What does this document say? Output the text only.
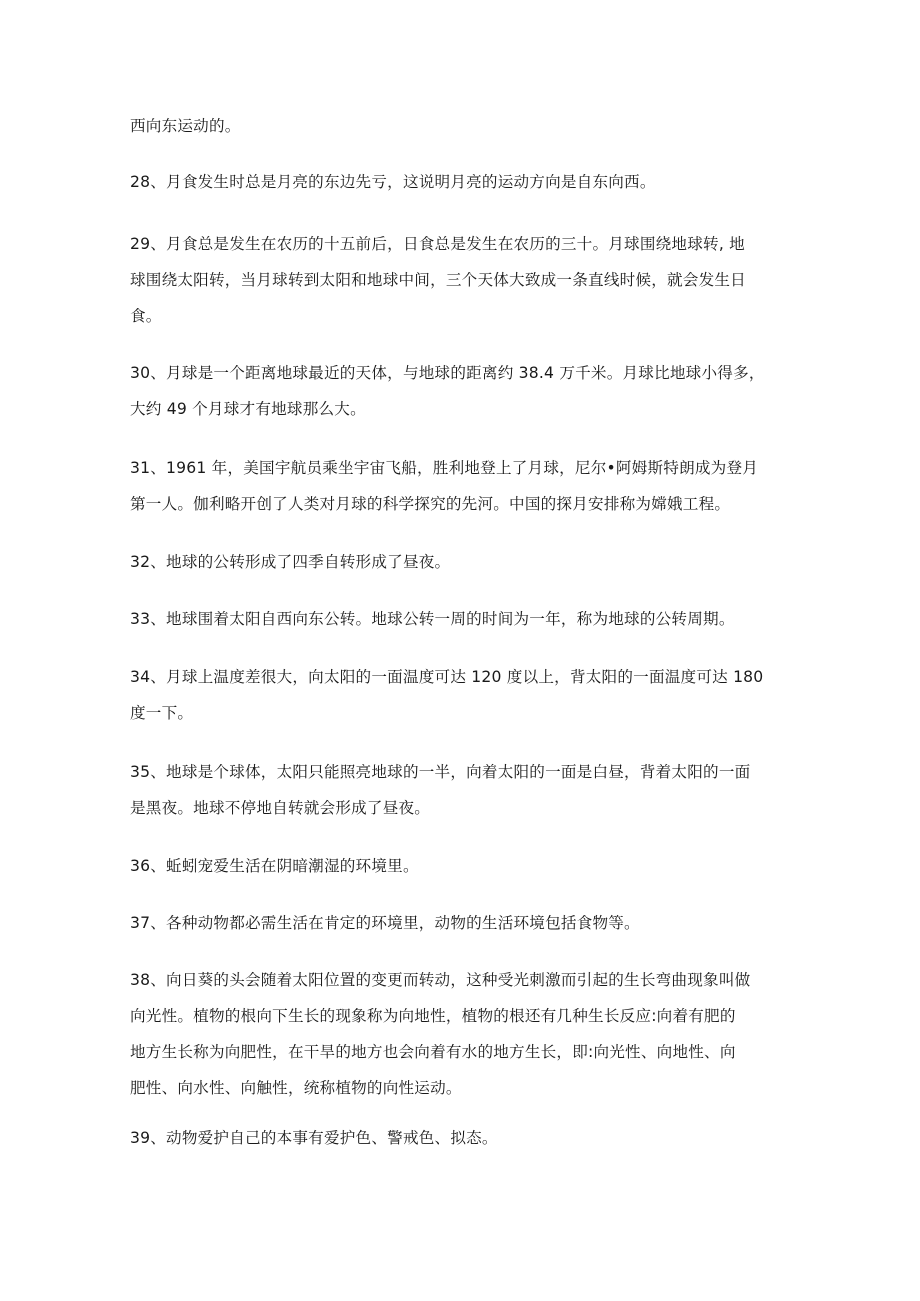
西向东运动的。

28、月食发生时总是月亮的东边先亏，这说明月亮的运动方向是自东向西。

29、月食总是发生在农历的十五前后，日食总是发生在农历的三十。月球围绕地球转, 地
球围绕太阳转，当月球转到太阳和地球中间，三个天体大致成一条直线时候，就会发生日
食。

30、月球是一个距离地球最近的天体，与地球的距离约 38.4 万千米。月球比地球小得多，
大约 49 个月球才有地球那么大。

31、1961 年，美国宇航员乘坐宇宙飞船，胜利地登上了月球，尼尔•阿姆斯特朗成为登月
第一人。伽利略开创了人类对月球的科学探究的先河。中国的探月安排称为嫦娥工程。

32、地球的公转形成了四季自转形成了昼夜。

33、地球围着太阳自西向东公转。地球公转一周的时间为一年，称为地球的公转周期。

34、月球上温度差很大，向太阳的一面温度可达 120 度以上，背太阳的一面温度可达 180
度一下。

35、地球是个球体，太阳只能照亮地球的一半，向着太阳的一面是白昼，背着太阳的一面
是黑夜。地球不停地自转就会形成了昼夜。

36、蚯蚓宠爱生活在阴暗潮湿的环境里。

37、各种动物都必需生活在肯定的环境里，动物的生活环境包括食物等。

38、向日葵的头会随着太阳位置的变更而转动，这种受光刺激而引起的生长弯曲现象叫做
向光性。植物的根向下生长的现象称为向地性，植物的根还有几种生长反应:向着有肥的
地方生长称为向肥性，在干旱的地方也会向着有水的地方生长，即:向光性、向地性、向
肥性、向水性、向触性，统称植物的向性运动。

39、动物爱护自己的本事有爱护色、警戒色、拟态。
